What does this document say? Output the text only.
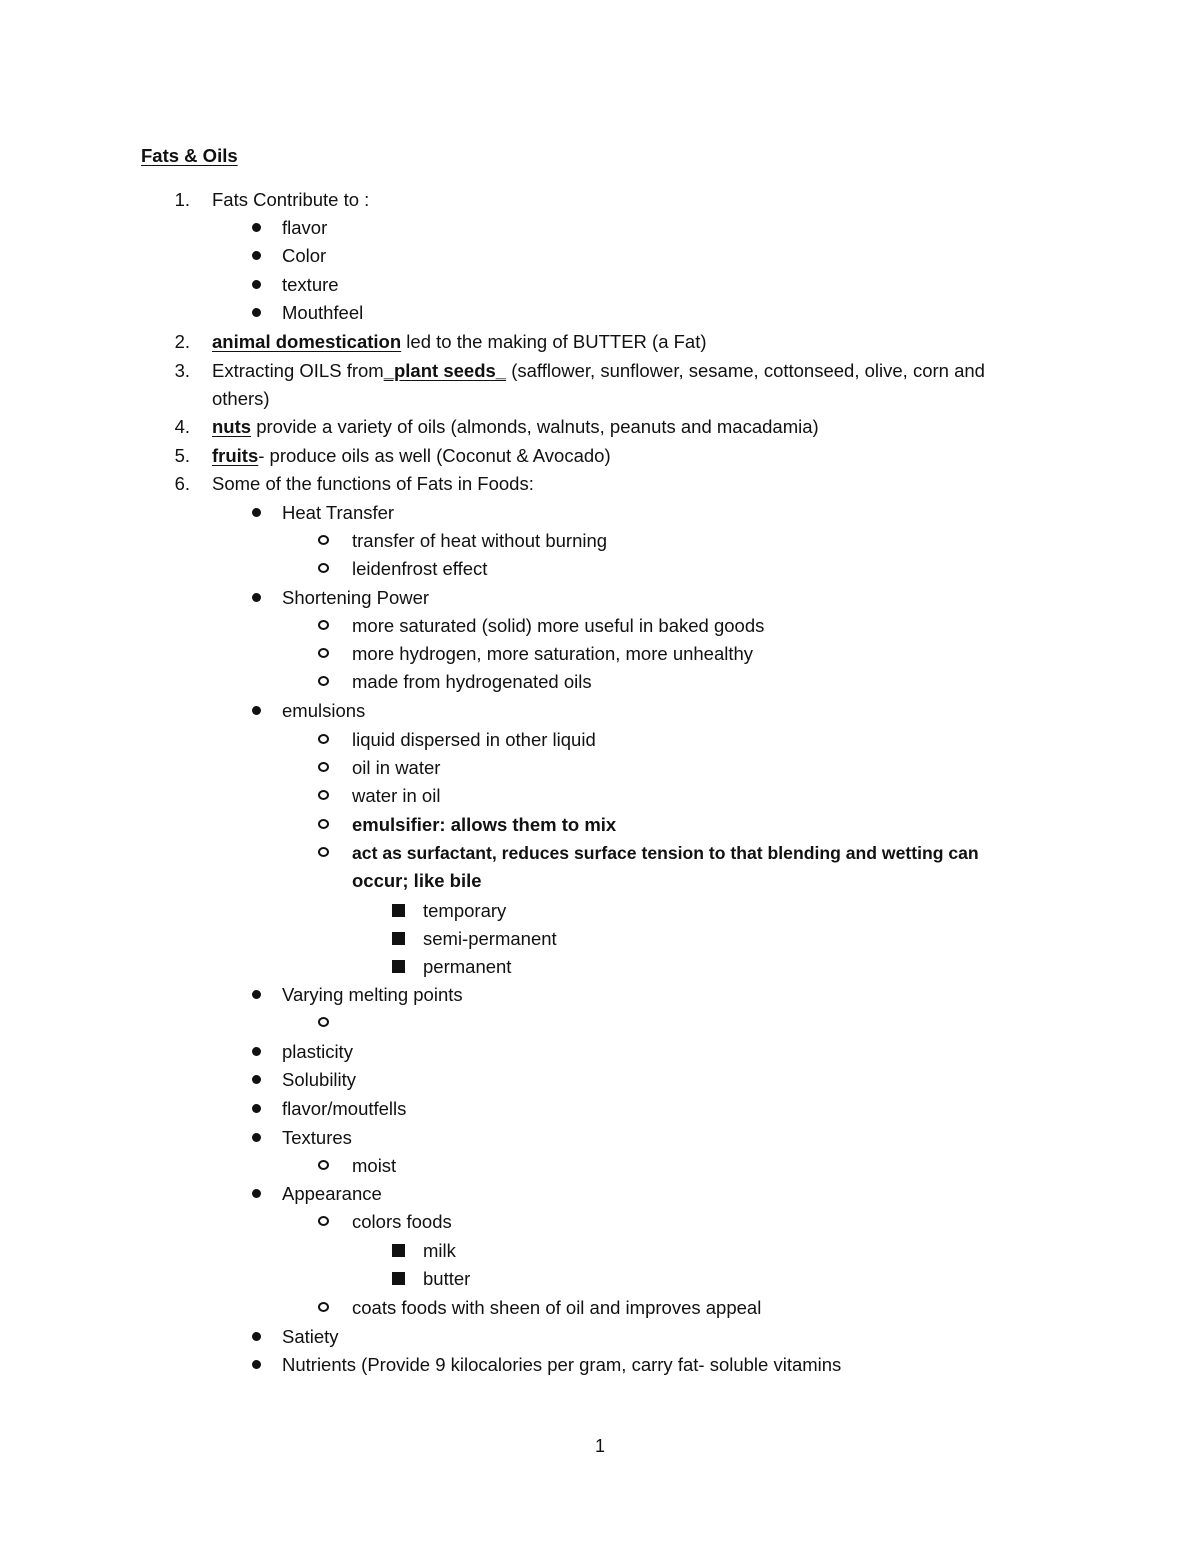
Fats & Oils
1. Fats Contribute to :
flavor
Color
texture
Mouthfeel
2. animal domestication led to the making of BUTTER (a Fat)
3. Extracting OILS from_plant seeds_ (safflower, sunflower, sesame, cottonseed, olive, corn and
others)
4. nuts provide a variety of oils (almonds, walnuts, peanuts and macadamia)
5. fruits- produce oils as well (Coconut & Avocado)
6. Some of the functions of Fats in Foods:
Heat Transfer
transfer of heat without burning
leidenfrost effect
Shortening Power
more saturated (solid) more useful in baked goods
more hydrogen, more saturation, more unhealthy
made from hydrogenated oils
emulsions
liquid dispersed in other liquid
oil in water
water in oil
emulsifier: allows them to mix
act as surfactant, reduces surface tension to that blending and wetting can
occur; like bile
temporary
semi-permanent
permanent
Varying melting points
plasticity
Solubility
flavor/moutfells
Textures
moist
Appearance
colors foods
milk
butter
coats foods with sheen of oil and improves appeal
Satiety
Nutrients (Provide 9 kilocalories per gram, carry fat- soluble vitamins
1
